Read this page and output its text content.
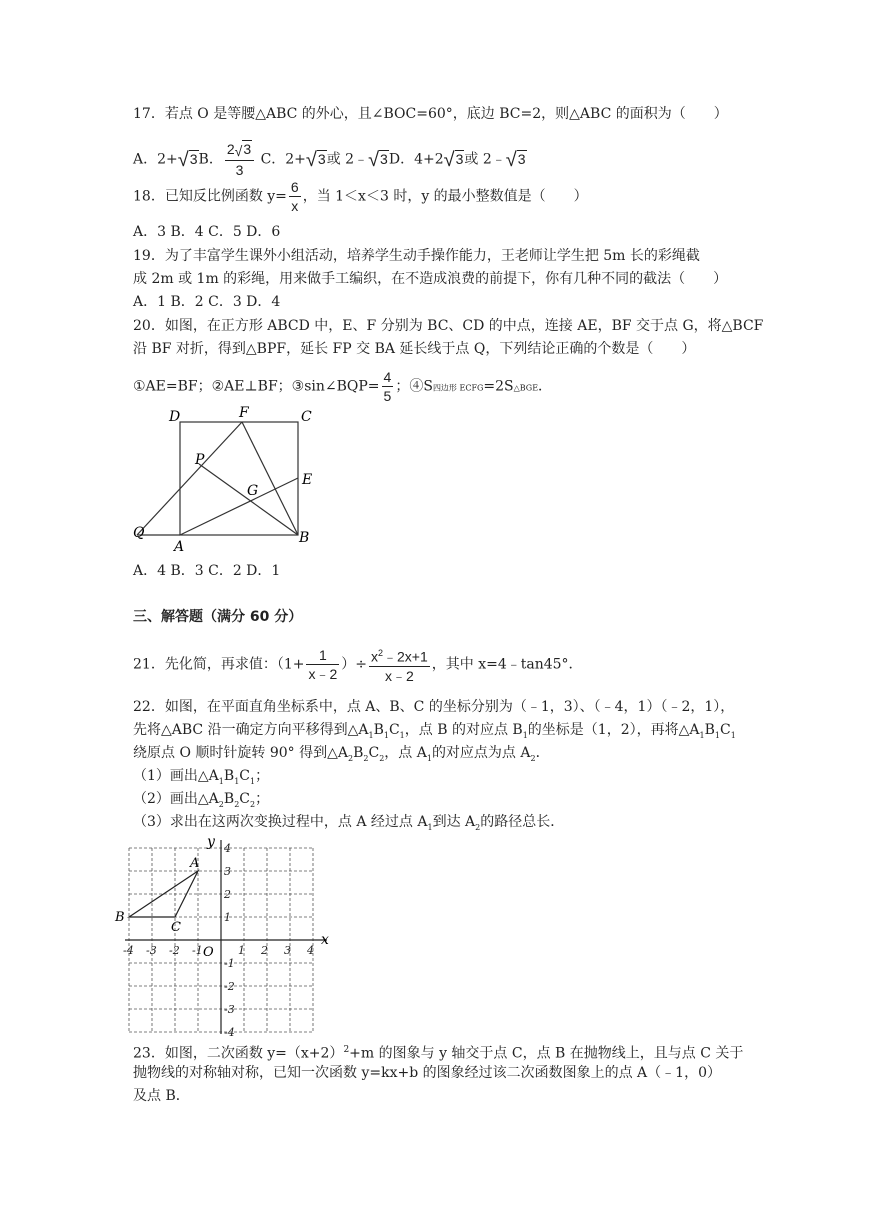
17．若点 O 是等腰△ABC 的外心，且∠BOC=60°，底边 BC=2，则△ABC 的面积为（　　）
A．2+√3B． $\frac{2√3}{3}$ C．2+√3或 2﹣√3D．4+2√3或 2﹣√3
18．已知反比例函数 $y= \frac{6}{x}$ ，当 1＜x＜3 时，y 的最小整数值是（　　）
A．3 B．4 C．5 D．6
19．为了丰富学生课外小组活动，培养学生动手操作能力，王老师让学生把 5m 长的彩绳截
成 2m 或 1m 的彩绳，用来做手工编织，在不造成浪费的前提下，你有几种不同的截法（　　）
A．1 B．2 C．3 D．4
20．如图，在正方形 ABCD 中，E、F 分别为 BC、CD 的中点，连接 AE，BF 交于点 G，将△BCF
沿 BF 对折，得到△BPF，延长 FP 交 BA 延长线于点 Q，下列结论正确的个数是（　　）
①AE=BF；②AE⊥BF；③sin∠BQP= $\frac{4}{5}$ ；④S四边形 ECFG=2S△BGE．
D	F	C
P
E
G
Q
A
B
A．4 B．3 C．2 D．1
三、解答题（满分 60 分）
21．先化简，再求值：（$1+ \frac{1}{x﹣2}$ ）÷ $\frac{x^2﹣2x+1}{x﹣2}$ ，其中 x=4﹣tan45°．
22．如图，在平面直角坐标系中，点 A、B、C 的坐标分别为（﹣1，3）、（﹣4，1）（﹣2，1），
先将△ABC 沿一确定方向平移得到$\triangle A_1B_1C_1$，点 B 的对应点 $B_1$的坐标是（1，2），再将$\triangle A_1B_1C_1$
绕原点 O 顺时针旋转 90° 得到$\triangle A_2B_2C_2$，点 $A_1$的对应点为点 $A_2$．
（1）画出$\triangle A_1B_1C_1$；
（2）画出$\triangle A_2B_2C_2$；
（3）求出在这两次变换过程中，点 A 经过点 $A_1$到达 $A_2$的路径总长．
-4 -3 -2 -1	1 2 3 4
4
3
2
1
-1
-2
-3
-4
x
y
O
A
B
C
23．如图，二次函数 $y=(x+2)^2+m$ 的图象与 y 轴交于点 C，点 B 在抛物线上，且与点 C 关于
抛物线的对称轴对称，已知一次函数 y=kx+b 的图象经过该二次函数图象上的点 A（﹣1，0）
及点 B．
